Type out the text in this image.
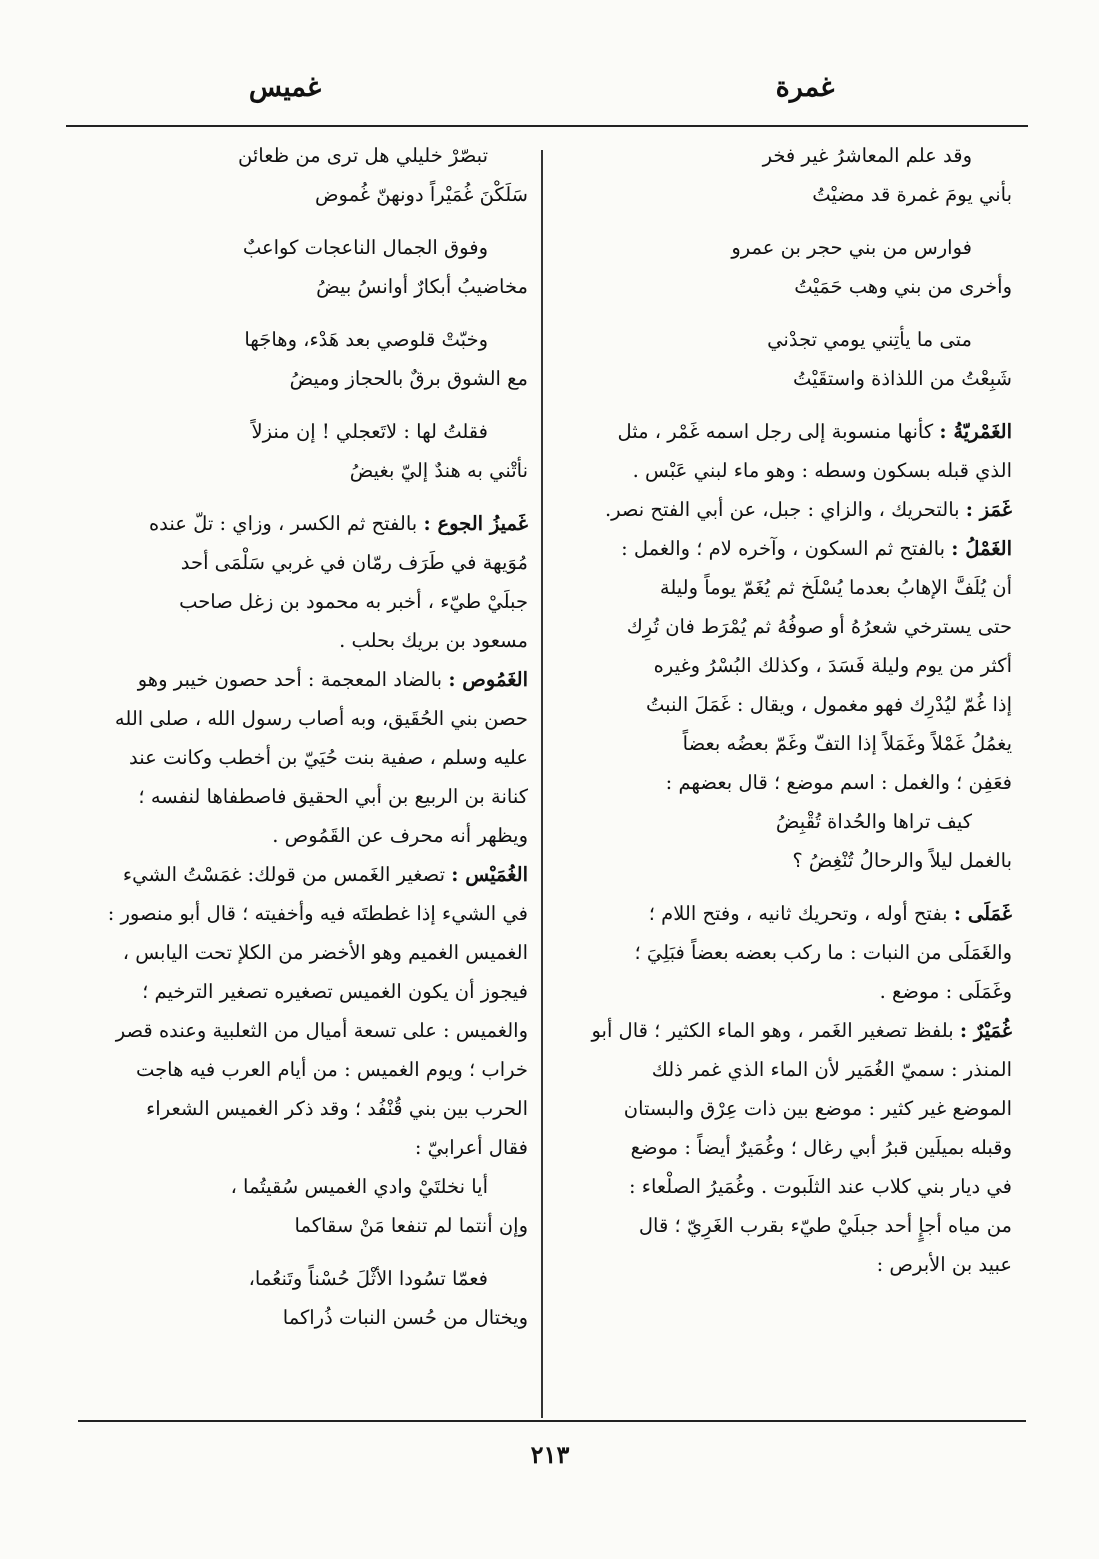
غمرة
غميس
وقد علم المعاشرُ غير فخر
بأني يومَ غمرة قد مضيْتُ
فوارس من بني حجر بن عمرو
وأخرى من بني وهب حَمَيْتُ
متى ما يأتِني يومي تجدْني
شَبِعْتُ من اللذاذة واستقَيْتُ
الغَمْريّةُ : كأنها منسوبة إلى رجل اسمه غَمْر ، مثل
الذي قبله بسكون وسطه : وهو ماء لبني عَبْس .
غَمَز : بالتحريك ، والزاي : جبل، عن أبي الفتح نصر.
الغَمْلُ : بالفتح ثم السكون ، وآخره لام ؛ والغمل :
أن يُلَفَّ الإهابُ بعدما يُسْلَخ ثم يُغَمّ يوماً وليلة
حتى يسترخي شعرُهُ أو صوفُهُ ثم يُمْرَط فان تُرِك
أكثر من يوم وليلة فَسَدَ ، وكذلك البُسْرُ وغيره
إذا غُمّ ليُدْرِك فهو مغمول ، ويقال : غَمَلَ النبتُ
يغمُلُ غَمْلاً وغَمَلاً إذا التفّ وغَمّ بعضُه بعضاً
فعَفِن ؛ والغمل : اسم موضع ؛ قال بعضهم :
كيف تراها والحُداة تُقْبِضُ
بالغمل ليلاً والرحالُ تُنْغِضُ ؟
غَمَلَى : بفتح أوله ، وتحريك ثانيه ، وفتح اللام ؛
والغَمَلَى من النبات : ما ركب بعضه بعضاً فبَلِيَ ؛
وغَمَلَى : موضع .
غُمَيْرٌ : بلفظ تصغير الغَمر ، وهو الماء الكثير ؛ قال أبو
المنذر : سميّ الغُمَير لأن الماء الذي غمر ذلك
الموضع غير كثير : موضع بين ذات عِرْق والبستان
وقبله بميلَين قبرُ أبي رغال ؛ وغُمَيرٌ أيضاً : موضع
في ديار بني كلاب عند الثلَبوت . وغُمَيرُ الصلْعاء :
من مياه أجإٍ أحد جبلَيْ طيّء بقرب الغَرِيّ ؛ قال
عبيد بن الأبرص :
تبصّرْ خليلي هل ترى من ظعائن
سَلَكْنَ غُمَيْراً دونهنّ غُموض
وفوق الجمال الناعجات كواعبٌ
مخاضيبُ أبكارٌ أوانسُ بيضُ
وخبّتْ قلوصي بعد هَدْء، وهاجَها
مع الشوق برقٌ بالحجاز وميضُ
فقلتُ لها : لاتَعجلي ! إن منزلاً
نأتْني به هندٌ إليّ بغيضُ
غَميزُ الجوع : بالفتح ثم الكسر ، وزاي : تلّ عنده
مُوَيهة في طَرَف رمّان في غربي سَلْمَى أحد
جبلَيْ طيّء ، أخبر به محمود بن زغل صاحب
مسعود بن بريك بحلب .
الغَمُوص : بالضاد المعجمة : أحد حصون خيبر وهو
حصن بني الحُقَيق، وبه أصاب رسول الله ، صلى الله
عليه وسلم ، صفية بنت حُيَيّ بن أخطب وكانت عند
كنانة بن الربيع بن أبي الحقيق فاصطفاها لنفسه ؛
ويظهر أنه محرف عن القَمُوص .
الغُمَيْس : تصغير الغَمس من قولك: غمَسْتُ الشيء
في الشيء إذا غططتَه فيه وأخفيته ؛ قال أبو منصور :
الغميس الغميم وهو الأخضر من الكلإ تحت اليابس ،
فيجوز أن يكون الغميس تصغيره تصغير الترخيم ؛
والغميس : على تسعة أميال من الثعلبية وعنده قصر
خراب ؛ ويوم الغميس : من أيام العرب فيه هاجت
الحرب بين بني قُنْفُد ؛ وقد ذكر الغميس الشعراء
فقال أعرابيّ :
أيا نخلتَيْ وادي الغميس سُقيتُما ،
وإن أنتما لم تنفعا مَنْ سقاكما
فعمّا تسُودا الأثْلَ حُسْناً وتَنعُما،
ويختال من حُسن النبات ذُراكما
٢١٣
